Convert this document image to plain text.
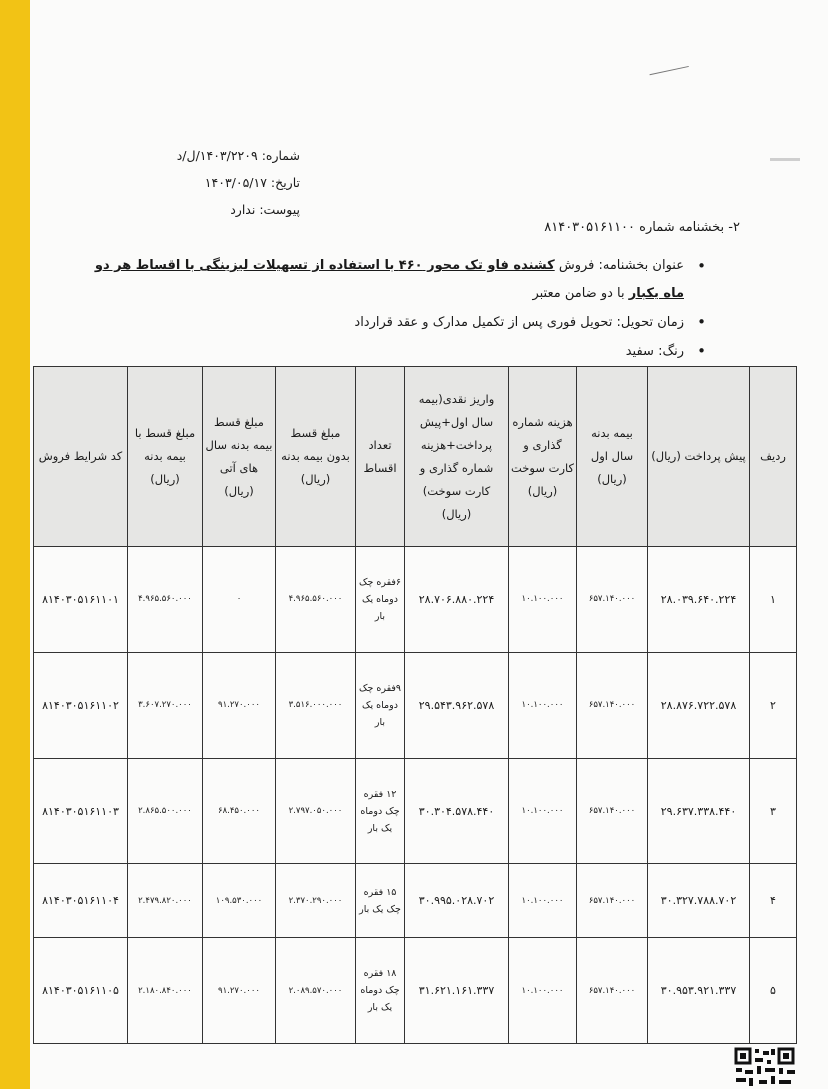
شماره: ۱۴۰۳/۲۲۰۹/ل/د
تاریخ: ۱۴۰۳/۰۵/۱۷
پیوست: ندارد
۲- بخشنامه شماره ۸۱۴۰۳۰۵۱۶۱۱۰۰
• عنوان بخشنامه: فروش کشنده فاو تک محور ۴۶۰ با استفاده از تسهیلات لیزینگی با اقساط هر دو ماه یکبار با دو ضامن معتبر
• زمان تحویل: تحویل فوری پس از تکمیل مدارک و عقد قرارداد
• رنگ: سفید
ردیف	پیش پرداخت (ریال)	بیمه بدنه سال اول (ریال)	هزینه شماره گذاری و کارت سوخت (ریال)	واریز نقدی(بیمه سال اول+پیش پرداخت+هزینه شماره گذاری و کارت سوخت) (ریال)	تعداد اقساط	مبلغ قسط بدون بیمه بدنه (ریال)	مبلغ قسط بیمه بدنه سال های آتی (ریال)	مبلغ قسط با بیمه بدنه (ریال)	کد شرایط فروش
۱	۲۸.۰۳۹.۶۴۰.۲۲۴	۶۵۷.۱۴۰.۰۰۰	۱۰.۱۰۰.۰۰۰	۲۸.۷۰۶.۸۸۰.۲۲۴	۶فقره چک دوماه یک بار	۴.۹۶۵.۵۶۰.۰۰۰	۰	۴.۹۶۵.۵۶۰.۰۰۰	۸۱۴۰۳۰۵۱۶۱۱۰۱
۲	۲۸.۸۷۶.۷۲۲.۵۷۸	۶۵۷.۱۴۰.۰۰۰	۱۰.۱۰۰.۰۰۰	۲۹.۵۴۳.۹۶۲.۵۷۸	۹فقره چک دوماه یک بار	۳.۵۱۶.۰۰۰.۰۰۰	۹۱.۲۷۰.۰۰۰	۳.۶۰۷.۲۷۰.۰۰۰	۸۱۴۰۳۰۵۱۶۱۱۰۲
۳	۲۹.۶۳۷.۳۳۸.۴۴۰	۶۵۷.۱۴۰.۰۰۰	۱۰.۱۰۰.۰۰۰	۳۰.۳۰۴.۵۷۸.۴۴۰	۱۲ فقره چک دوماه یک بار	۲.۷۹۷.۰۵۰.۰۰۰	۶۸.۴۵۰.۰۰۰	۲.۸۶۵.۵۰۰.۰۰۰	۸۱۴۰۳۰۵۱۶۱۱۰۳
۴	۳۰.۳۲۷.۷۸۸.۷۰۲	۶۵۷.۱۴۰.۰۰۰	۱۰.۱۰۰.۰۰۰	۳۰.۹۹۵.۰۲۸.۷۰۲	۱۵ فقره چک یک بار	۲.۳۷۰.۲۹۰.۰۰۰	۱۰۹.۵۳۰.۰۰۰	۲.۴۷۹.۸۲۰.۰۰۰	۸۱۴۰۳۰۵۱۶۱۱۰۴
۵	۳۰.۹۵۳.۹۲۱.۳۳۷	۶۵۷.۱۴۰.۰۰۰	۱۰.۱۰۰.۰۰۰	۳۱.۶۲۱.۱۶۱.۳۳۷	۱۸ فقره چک دوماه یک بار	۲.۰۸۹.۵۷۰.۰۰۰	۹۱.۲۷۰.۰۰۰	۲.۱۸۰.۸۴۰.۰۰۰	۸۱۴۰۳۰۵۱۶۱۱۰۵
